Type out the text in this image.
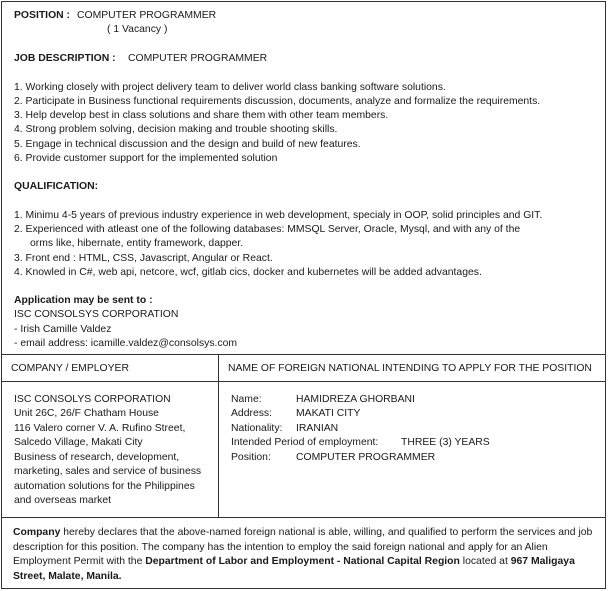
POSITION : COMPUTER PROGRAMMER
( 1 Vacancy )
JOB DESCRIPTION : COMPUTER PROGRAMMER
1. Working closely with project delivery team to deliver world class banking software solutions.
2. Participate in Business functional requirements discussion, documents, analyze and formalize the requirements.
3. Help develop best in class solutions and share them with other team members.
4. Strong problem solving, decision making and trouble shooting skills.
5. Engage in technical discussion and the design and build of new features.
6. Provide customer support for the implemented solution
QUALIFICATION:
1. Minimu 4-5 years of previous industry experience in web development, specialy in OOP, solid principles and GIT.
2. Experienced with atleast one of the following databases: MMSQL Server, Oracle, Mysql, and with any of the
orms like, hibernate, entity framework, dapper.
3. Front end : HTML, CSS, Javascript, Angular or React.
4. Knowled in C#, web api, netcore, wcf, gitlab cics, docker and kubernetes will be added advantages.
Application may be sent to :
ISC CONSOLSYS CORPORATION
- Irish Camille Valdez
- email address: icamille.valdez@consolsys.com
COMPANY / EMPLOYER	NAME OF FOREIGN NATIONAL INTENDING TO APPLY FOR THE POSITION
ISC CONSOLYS CORPORATION
Unit 26C, 26/F Chatham House
116 Valero corner V. A. Rufino Street,
Salcedo Village, Makati City
Business of research, development,
marketing, sales and service of business
automation solutions for the Philippines
and overseas market
Name:	HAMIDREZA GHORBANI
Address: MAKATI CITY
Nationality: IRANIAN
Intended Period of employment: THREE (3) YEARS
Position: COMPUTER PROGRAMMER
Company hereby declares that the above-named foreign national is able, willing, and qualified to perform the services and job description for this position. The company has the intention to employ the said foreign national and apply for an Alien Employment Permit with the Department of Labor and Employment - National Capital Region located at 967 Maligaya Street, Malate, Manila.
